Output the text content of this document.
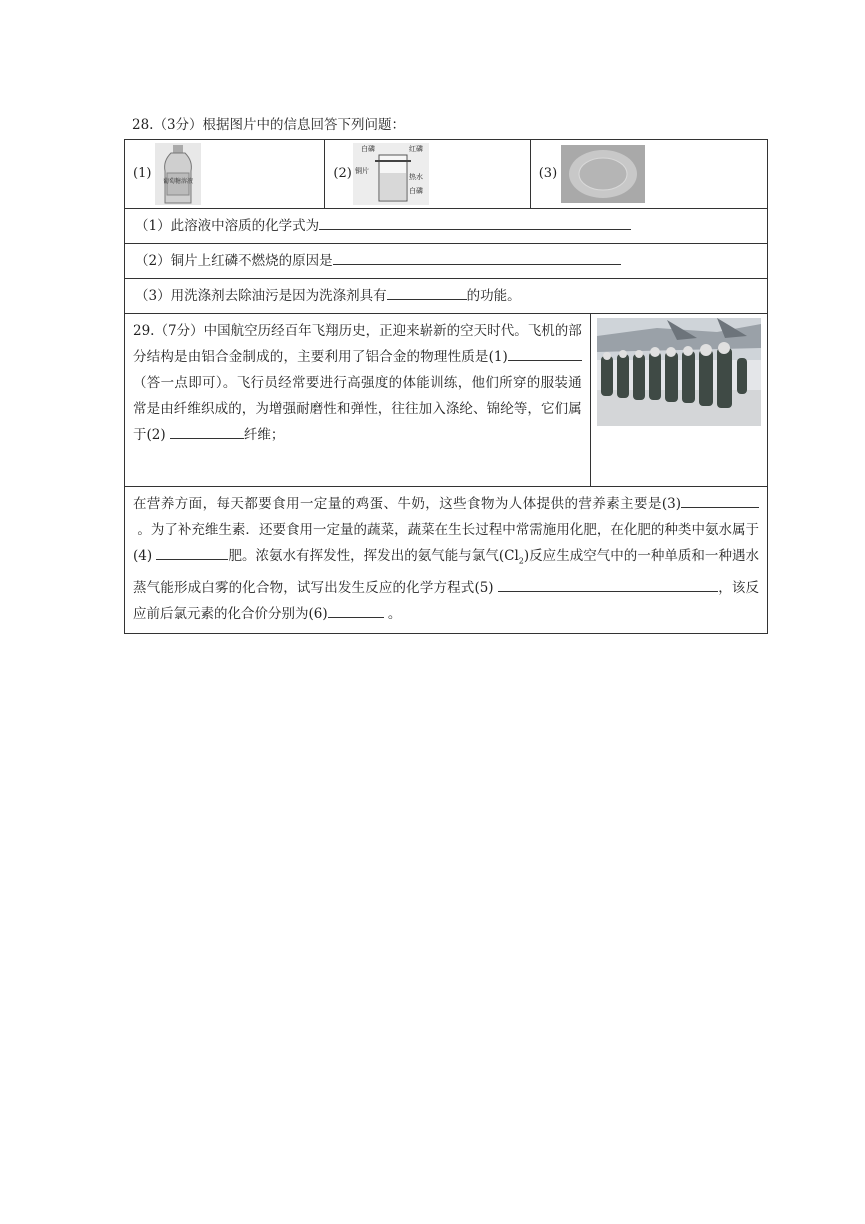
28.（3分）根据图片中的信息回答下列问题：
(1)
葡萄糖溶液

(2)
白磷	红磷
铜片
热水
白磷

(3)

（1）此溶液中溶质的化学式为
（2）铜片上红磷不燃烧的原因是
（3）用洗涤剂去除油污是因为洗涤剂具有	的功能。
29.（7分）中国航空历经百年飞翔历史，正迎来崭新的空天时代。飞机的部分结构是由铝合金制成的，主要利用了铝合金的物理性质是(1)（答一点即可）。飞行员经常要进行高强度的体能训练，他们所穿的服装通常是由纤维织成的，为增强耐磨性和弹性，往往加入涤纶、锦纶等，它们属于(2)	纤维；	

在营养方面，每天都要食用一定量的鸡蛋、牛奶，这些食物为人体提供的营养素主要是(3) 。为了补充维生素．还要食用一定量的蔬菜，蔬菜在生长过程中常需施用化肥，在化肥的种类中氨水属于(4)	肥。浓氨水有挥发性，挥发出的氨气能与氯气$(Cl_2)$反应生成空气中的一种单质和一种遇水蒸气能形成白雾的化合物，试写出发生反应的化学方程式(5)	，该反应前后氯元素的化合价分别为(6)	。
